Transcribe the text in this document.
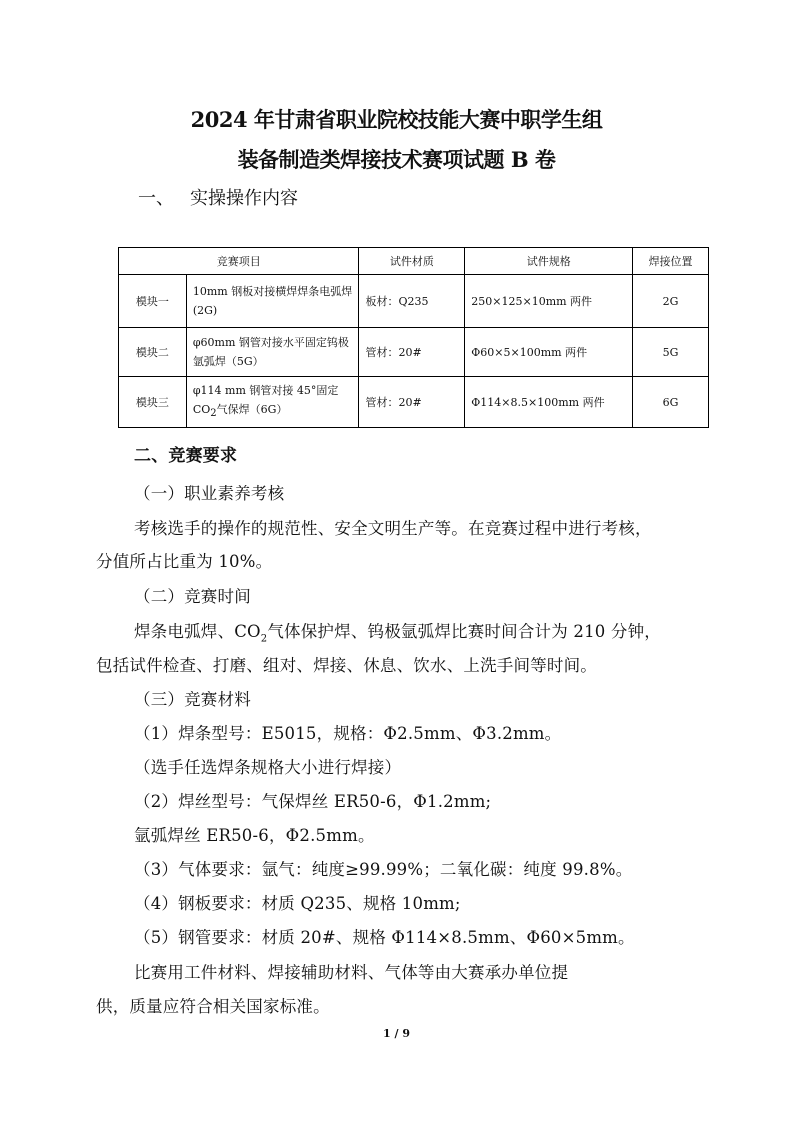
2024 年甘肃省职业院校技能大赛中职学生组
装备制造类焊接技术赛项试题 B 卷
一、 实操操作内容
竞赛项目		试件材质	试件规格	焊接位置
模块一	10mm 钢板对接横焊焊条电弧焊(2G)	板材：Q235	250×125×10mm 两件	2G
模块二	φ60mm 钢管对接水平固定钨极氩弧焊（5G）	管材：20#	Φ60×5×100mm 两件	5G
模块三	φ114 mm 钢管对接 45°固定 $CO_2$气保焊（6G）	管材：20#	Φ114×8.5×100mm 两件	6G
二、竞赛要求
（一）职业素养考核
考核选手的操作的规范性、安全文明生产等。在竞赛过程中进行考核，
分值所占比重为 10%。
（二）竞赛时间
焊条电弧焊、$CO_2$气体保护焊、钨极氩弧焊比赛时间合计为 210 分钟，
包括试件检查、打磨、组对、焊接、休息、饮水、上洗手间等时间。
（三）竞赛材料
（1）焊条型号：E5015，规格：Φ2.5mm、Φ3.2mm。
（选手任选焊条规格大小进行焊接）
（2）焊丝型号：气保焊丝 ER50-6，Φ1.2mm;
氩弧焊丝 ER50-6，Φ2.5mm。
（3）气体要求：氩气：纯度≥99.99%；二氧化碳：纯度 99.8%。
（4）钢板要求：材质 Q235、规格 10mm;
（5）钢管要求：材质 20#、规格 Φ114×8.5mm、Φ60×5mm。
比赛用工件材料、焊接辅助材料、气体等由大赛承办单位提
供，质量应符合相关国家标准。
1 / 9
